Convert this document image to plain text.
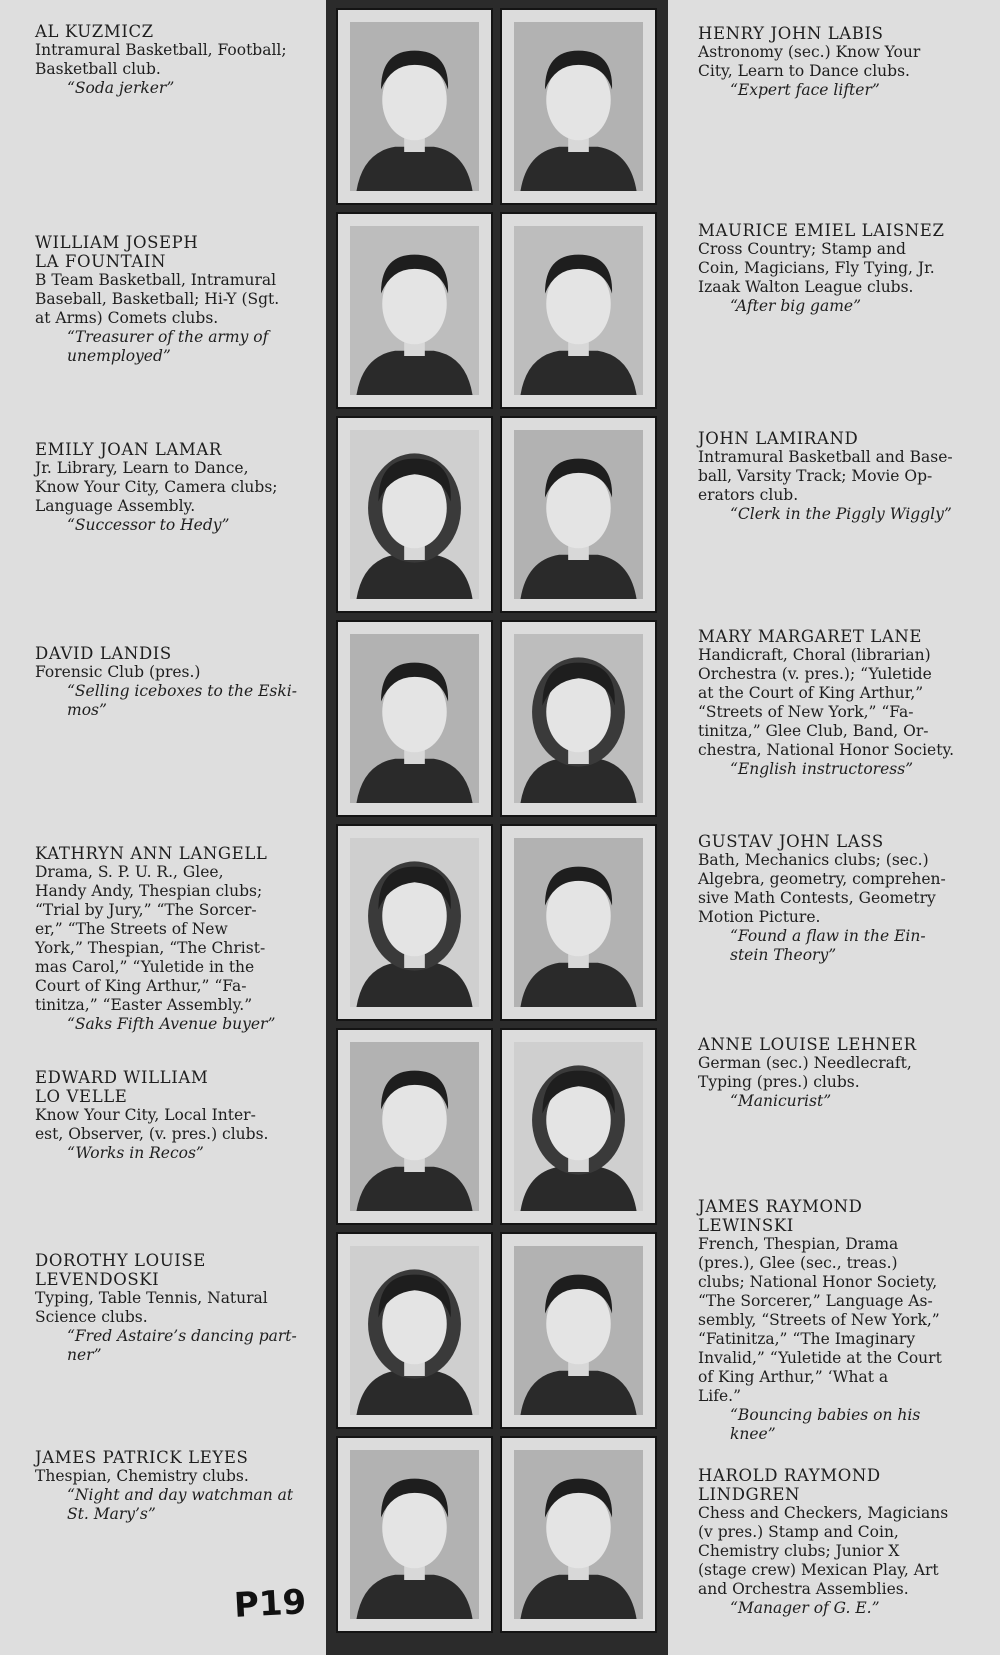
AL KUZMICZ
Intramural Basketball, Football;
Basketball club.
“Soda jerker”
WILLIAM JOSEPH
LA FOUNTAIN
B Team Basketball, Intramural
Baseball, Basketball; Hi-Y (Sgt.
at Arms) Comets clubs.
“Treasurer of the army of
unemployed”
EMILY JOAN LAMAR
Jr. Library, Learn to Dance,
Know Your City, Camera clubs;
Language Assembly.
“Successor to Hedy”
DAVID LANDIS
Forensic Club (pres.)
“Selling iceboxes to the Eski-
mos”
KATHRYN ANN LANGELL
Drama, S. P. U. R., Glee,
Handy Andy, Thespian clubs;
“Trial by Jury,” “The Sorcer-
er,” “The Streets of New
York,” Thespian, “The Christ-
mas Carol,” “Yuletide in the
Court of King Arthur,” “Fa-
tinitza,” “Easter Assembly.”
“Saks Fifth Avenue buyer”
EDWARD WILLIAM
LO VELLE
Know Your City, Local Inter-
est, Observer, (v. pres.) clubs.
“Works in Recos”
DOROTHY LOUISE
LEVENDOSKI
Typing, Table Tennis, Natural
Science clubs.
“Fred Astaire’s dancing part-
ner”
JAMES PATRICK LEYES
Thespian, Chemistry clubs.
“Night and day watchman at
St. Mary’s”
HENRY JOHN LABIS
Astronomy (sec.) Know Your
City, Learn to Dance clubs.
“Expert face lifter”
MAURICE EMIEL LAISNEZ
Cross Country; Stamp and
Coin, Magicians, Fly Tying, Jr.
Izaak Walton League clubs.
“After big game”
JOHN LAMIRAND
Intramural Basketball and Base-
ball, Varsity Track; Movie Op-
erators club.
“Clerk in the Piggly Wiggly”
MARY MARGARET LANE
Handicraft, Choral (librarian)
Orchestra (v. pres.); “Yuletide
at the Court of King Arthur,”
“Streets of New York,” “Fa-
tinitza,” Glee Club, Band, Or-
chestra, National Honor Society.
“English instructoress”
GUSTAV JOHN LASS
Bath, Mechanics clubs; (sec.)
Algebra, geometry, comprehen-
sive Math Contests, Geometry
Motion Picture.
“Found a flaw in the Ein-
stein Theory”
ANNE LOUISE LEHNER
German (sec.) Needlecraft,
Typing (pres.) clubs.
“Manicurist”
JAMES RAYMOND
LEWINSKI
French, Thespian, Drama
(pres.), Glee (sec., treas.)
clubs; National Honor Society,
“The Sorcerer,” Language As-
sembly, “Streets of New York,”
“Fatinitza,” “The Imaginary
Invalid,” “Yuletide at the Court
of King Arthur,” ‘What a
Life.”
“Bouncing babies on his
knee”
HAROLD RAYMOND
LINDGREN
Chess and Checkers, Magicians
(v pres.) Stamp and Coin,
Chemistry clubs; Junior X
(stage crew) Mexican Play, Art
and Orchestra Assemblies.
“Manager of G. E.”
P19
